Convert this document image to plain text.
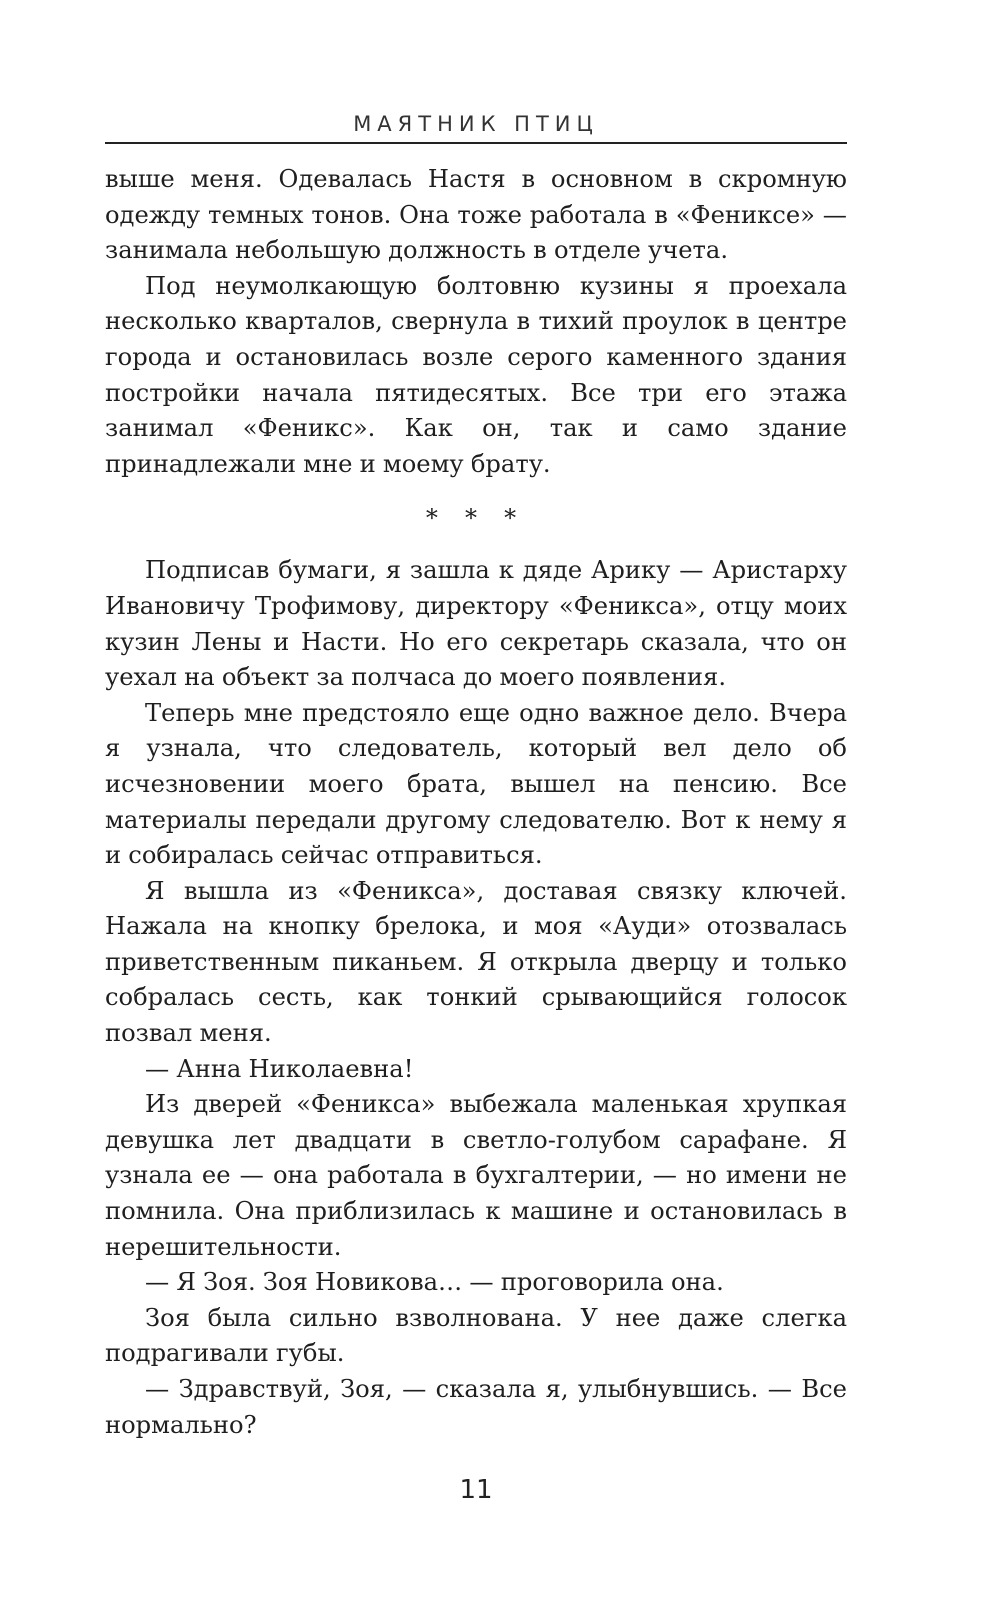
МАЯТНИК ПТИЦ

выше меня. Одевалась Настя в основном в скромную одежду темных тонов. Она тоже работала в «Фениксе» — занимала небольшую должность в отделе учета.

Под неумолкающую болтовню кузины я проехала несколько кварталов, свернула в тихий проулок в центре города и остановилась возле серого каменного здания постройки начала пятидесятых. Все три его этажа занимал «Феникс». Как он, так и само здание принадлежали мне и моему брату.

* * *

Подписав бумаги, я зашла к дяде Арику — Аристарху Ивановичу Трофимову, директору «Феникса», отцу моих кузин Лены и Насти. Но его секретарь сказала, что он уехал на объект за полчаса до моего появления.

Теперь мне предстояло еще одно важное дело. Вчера я узнала, что следователь, который вел дело об исчезновении моего брата, вышел на пенсию. Все материалы передали другому следователю. Вот к нему я и собиралась сейчас отправиться.

Я вышла из «Феникса», доставая связку ключей. Нажала на кнопку брелока, и моя «Ауди» отозвалась приветственным пиканьем. Я открыла дверцу и только собралась сесть, как тонкий срывающийся голосок позвал меня.

— Анна Николаевна!

Из дверей «Феникса» выбежала маленькая хрупкая девушка лет двадцати в светло-голубом сарафане. Я узнала ее — она работала в бухгалтерии, — но имени не помнила. Она приблизилась к машине и остановилась в нерешительности.

— Я Зоя. Зоя Новикова… — проговорила она.

Зоя была сильно взволнована. У нее даже слегка подрагивали губы.

— Здравствуй, Зоя, — сказала я, улыбнувшись. — Все нормально?

11
